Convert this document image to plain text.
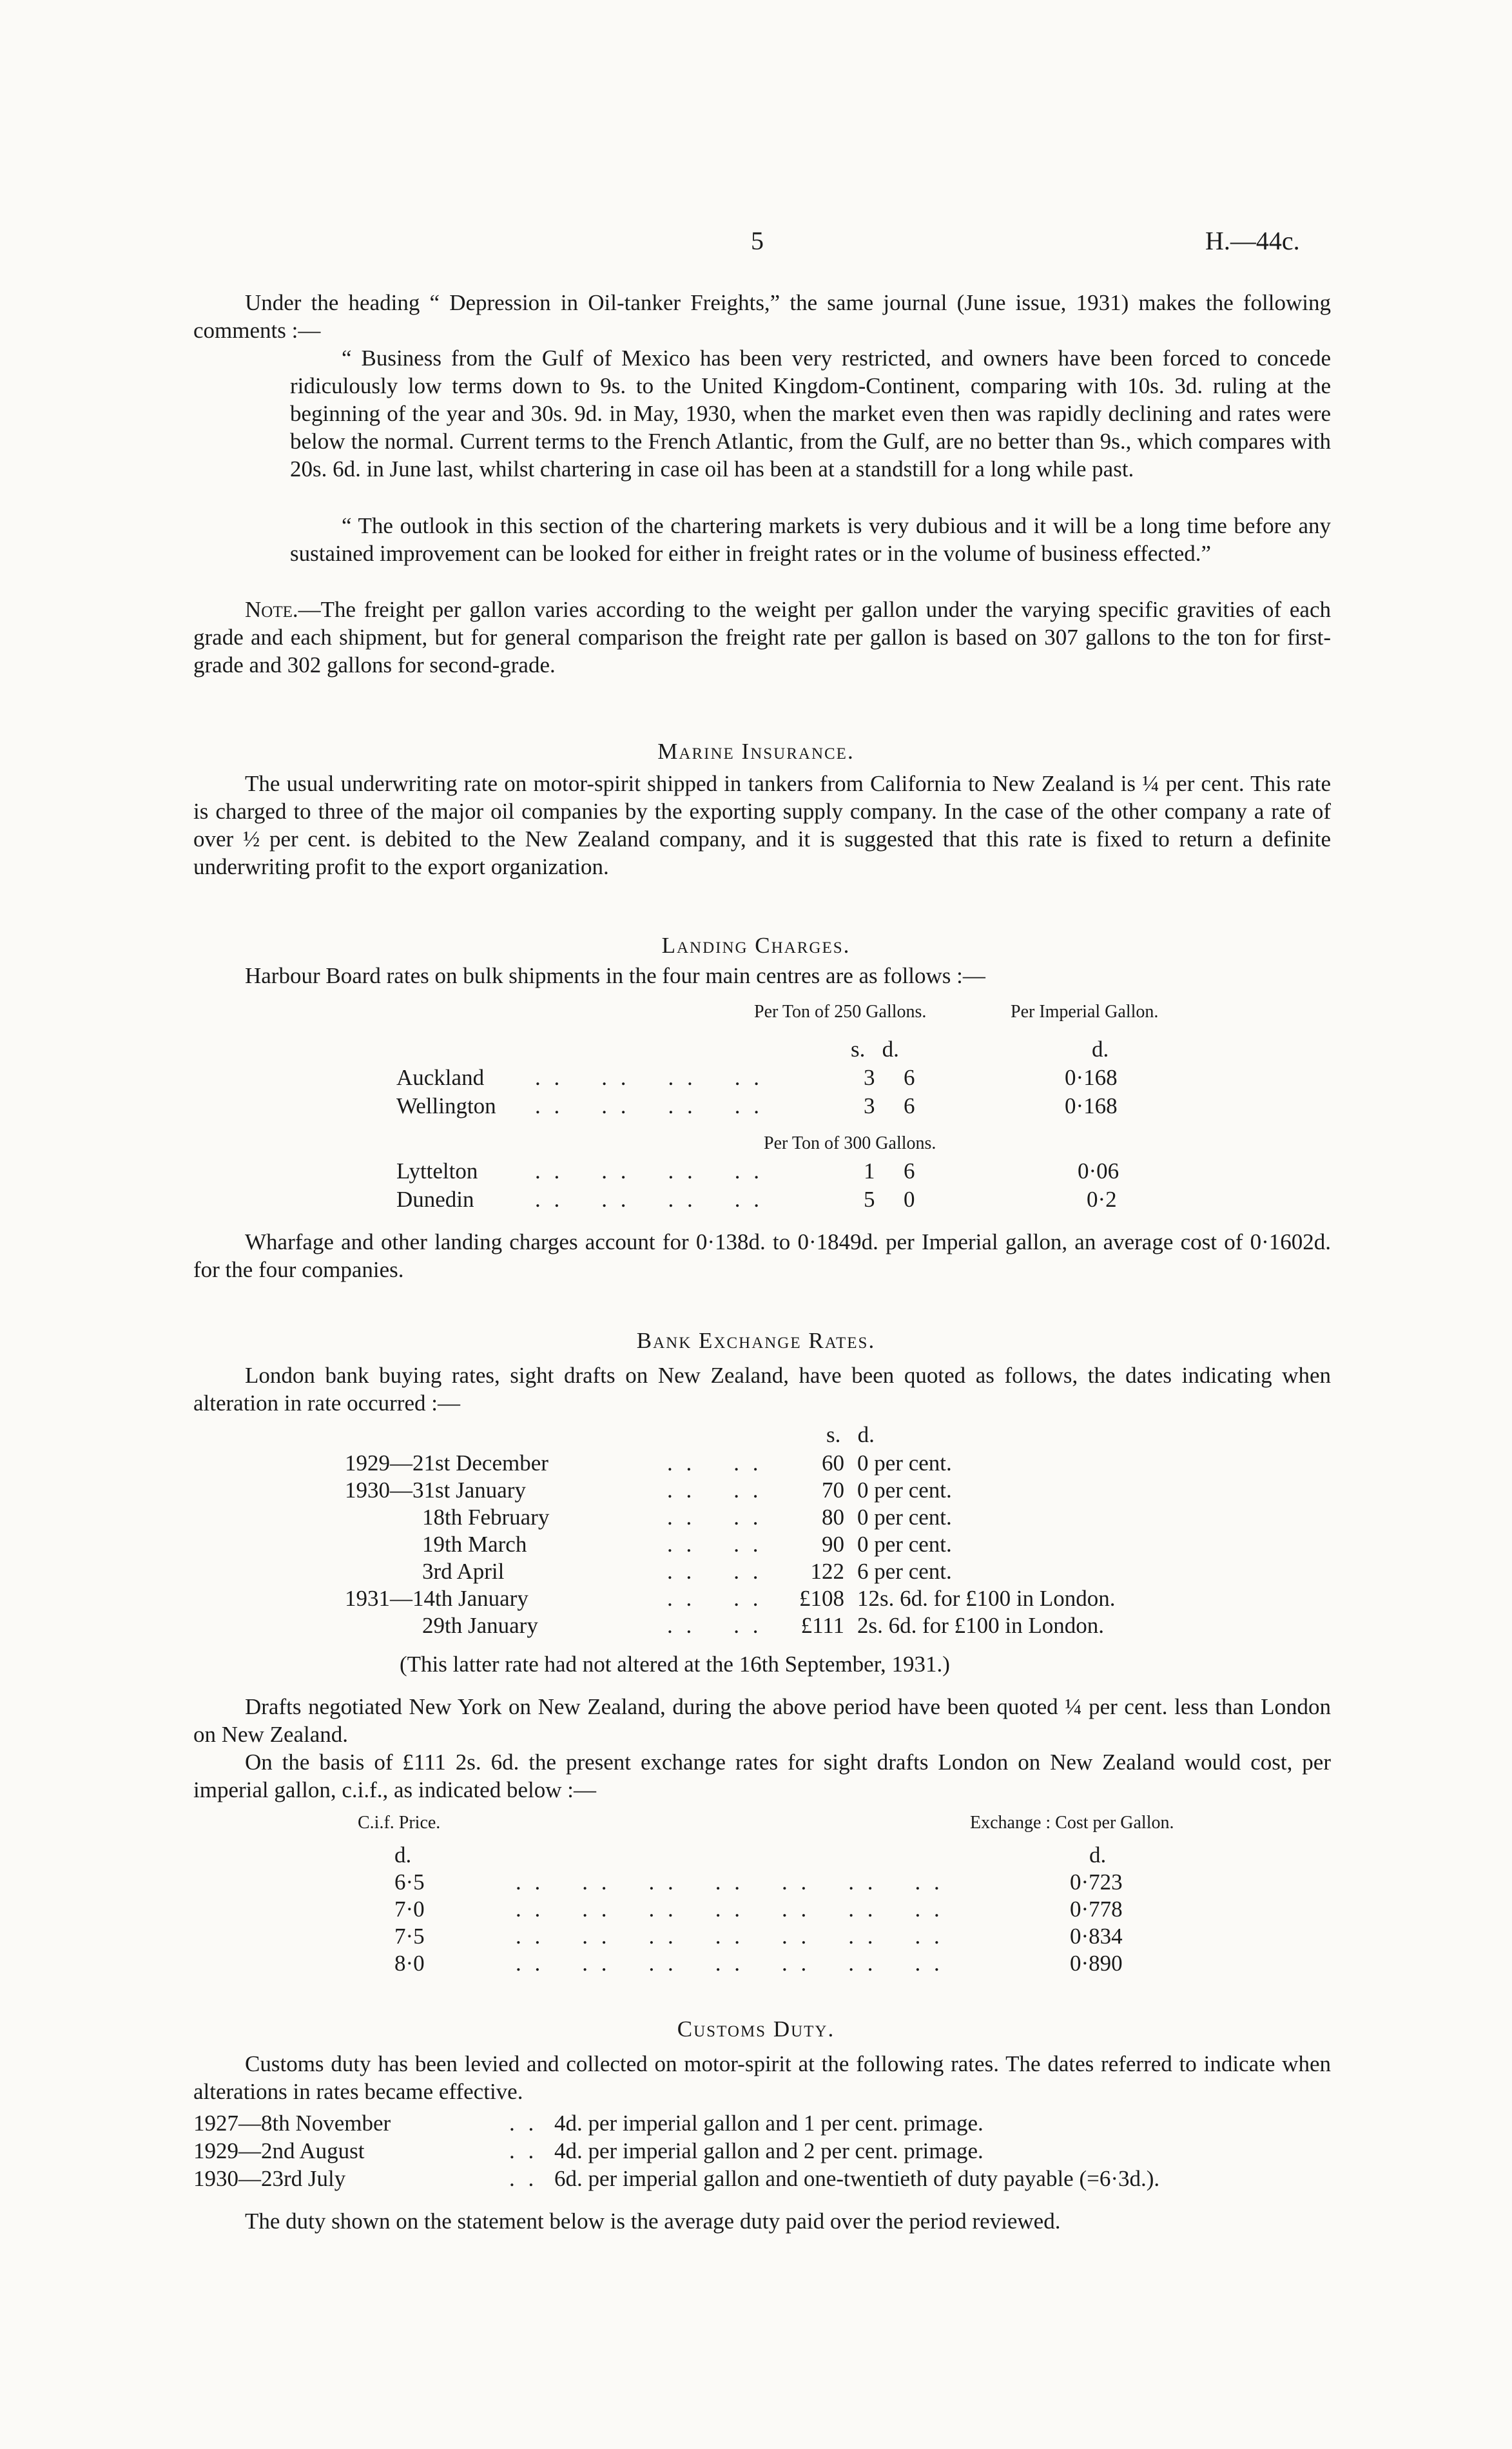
5	H.—44c.
Under the heading “ Depression in Oil-tanker Freights,” the same journal (June issue, 1931) makes the following comments :—
“ Business from the Gulf of Mexico has been very restricted, and owners have been forced to concede ridiculously low terms down to 9s. to the United Kingdom-Continent, comparing with 10s. 3d. ruling at the beginning of the year and 30s. 9d. in May, 1930, when the market even then was rapidly declining and rates were below the normal. Current terms to the French Atlantic, from the Gulf, are no better than 9s., which compares with 20s. 6d. in June last, whilst chartering in case oil has been at a standstill for a long while past.
“ The outlook in this section of the chartering markets is very dubious and it will be a long time before any sustained improvement can be looked for either in freight rates or in the volume of business effected.”
Note.—The freight per gallon varies according to the weight per gallon under the varying specific gravities of each grade and each shipment, but for general comparison the freight rate per gallon is based on 307 gallons to the ton for first-grade and 302 gallons for second-grade.
Marine Insurance.
The usual underwriting rate on motor-spirit shipped in tankers from California to New Zealand is ¼ per cent. This rate is charged to three of the major oil companies by the exporting supply company. In the case of the other company a rate of over ½ per cent. is debited to the New Zealand company, and it is suggested that this rate is fixed to return a definite underwriting profit to the export organization.
Landing Charges.
Harbour Board rates on bulk shipments in the four main centres are as follows :—
Per Ton of 250 Gallons.	Per Imperial Gallon.
s.   d.	d.
Auckland . .    . .    . .    . .	3 6	0·168
Wellington . .    . .    . .    . .	3 6	0·168
Per Ton of 300 Gallons.
Lyttelton	. .    . .    . .    . .	1 6	0·06
Dunedin	. .    . .    . .    . .	5 0	0·2
Wharfage and other landing charges account for 0·138d. to 0·1849d. per Imperial gallon, an average cost of 0·1602d. for the four companies.
Bank Exchange Rates.
London bank buying rates, sight drafts on New Zealand, have been quoted as follows, the dates indicating when alteration in rate occurred :—
s.   d.
1929—21st December	. .    . .	60 0 per cent.
1930—31st January	. .    . .	70 0 per cent.
18th February	. .    . .	80 0 per cent.
19th March	. .    . .	90 0 per cent.
3rd April	. .    . .	122 6 per cent.
1931—14th January	. .    . .	£108 12s. 6d. for £100 in London.
29th January	. .    . .	£111 2s. 6d. for £100 in London.
(This latter rate had not altered at the 16th September, 1931.)
Drafts negotiated New York on New Zealand, during the above period have been quoted ¼ per cent. less than London on New Zealand.
On the basis of £111 2s. 6d. the present exchange rates for sight drafts London on New Zealand would cost, per imperial gallon, c.i.f., as indicated below :—
C.i.f. Price.	Exchange : Cost per Gallon.
d.	d.
6·5	. .    . .    . .    . .    . .    . .    . .	0·723
7·0	. .    . .    . .    . .    . .    . .    . .	0·778
7·5	. .    . .    . .    . .    . .    . .    . .	0·834
8·0	. .    . .    . .    . .    . .    . .    . .	0·890
Customs Duty.
Customs duty has been levied and collected on motor-spirit at the following rates. The dates referred to indicate when alterations in rates became effective.
1927—8th November	. . 4d. per imperial gallon and 1 per cent. primage.
1929—2nd August	. . 4d. per imperial gallon and 2 per cent. primage.
1930—23rd July	. . 6d. per imperial gallon and one-twentieth of duty payable (=6·3d.).
The duty shown on the statement below is the average duty paid over the period reviewed.
